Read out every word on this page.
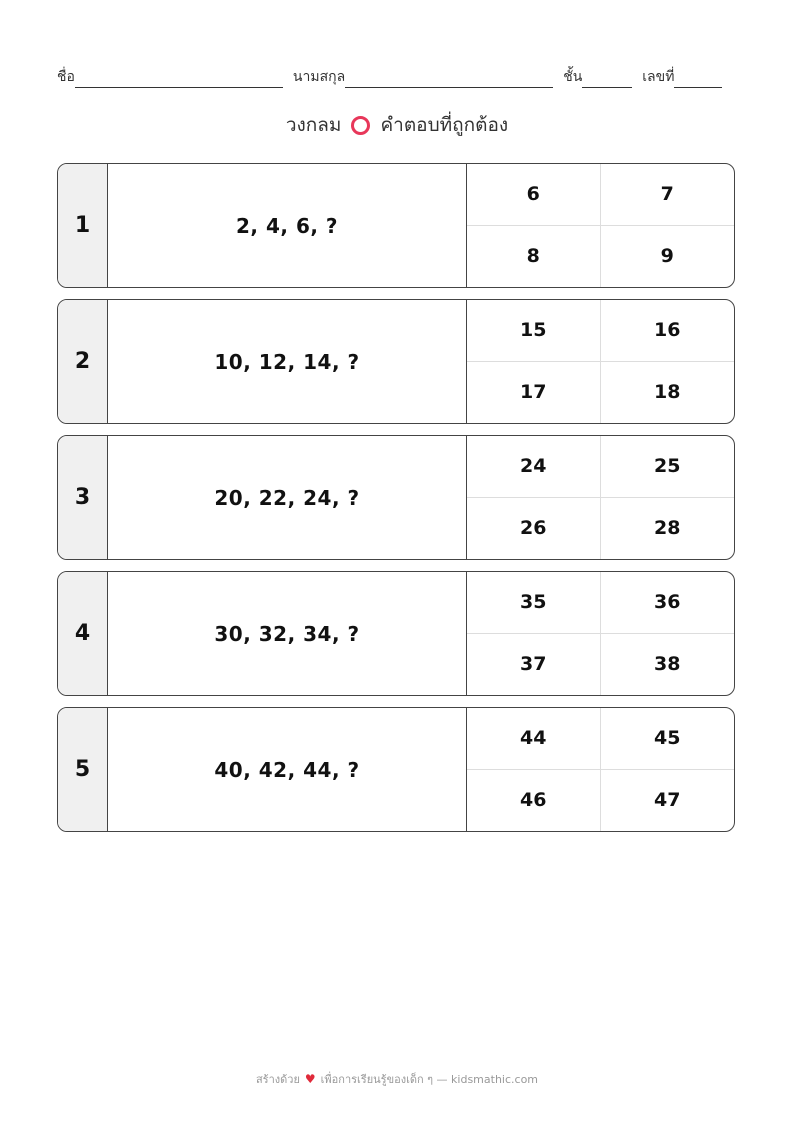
ชื่อ	นามสกุล	ชั้น	เลขที่
วงกลม คำตอบที่ถูกต้อง
1	2, 4, 6, ?
6	7
8	9
2	10, 12, 14, ?
15	16
17	18
3	20, 22, 24, ?
24	25
26	28
4	30, 32, 34, ?
35	36
37	38
5	40, 42, 44, ?
44	45
46	47
สร้างด้วย ♥ เพื่อการเรียนรู้ของเด็ก ๆ — kidsmathic.com
